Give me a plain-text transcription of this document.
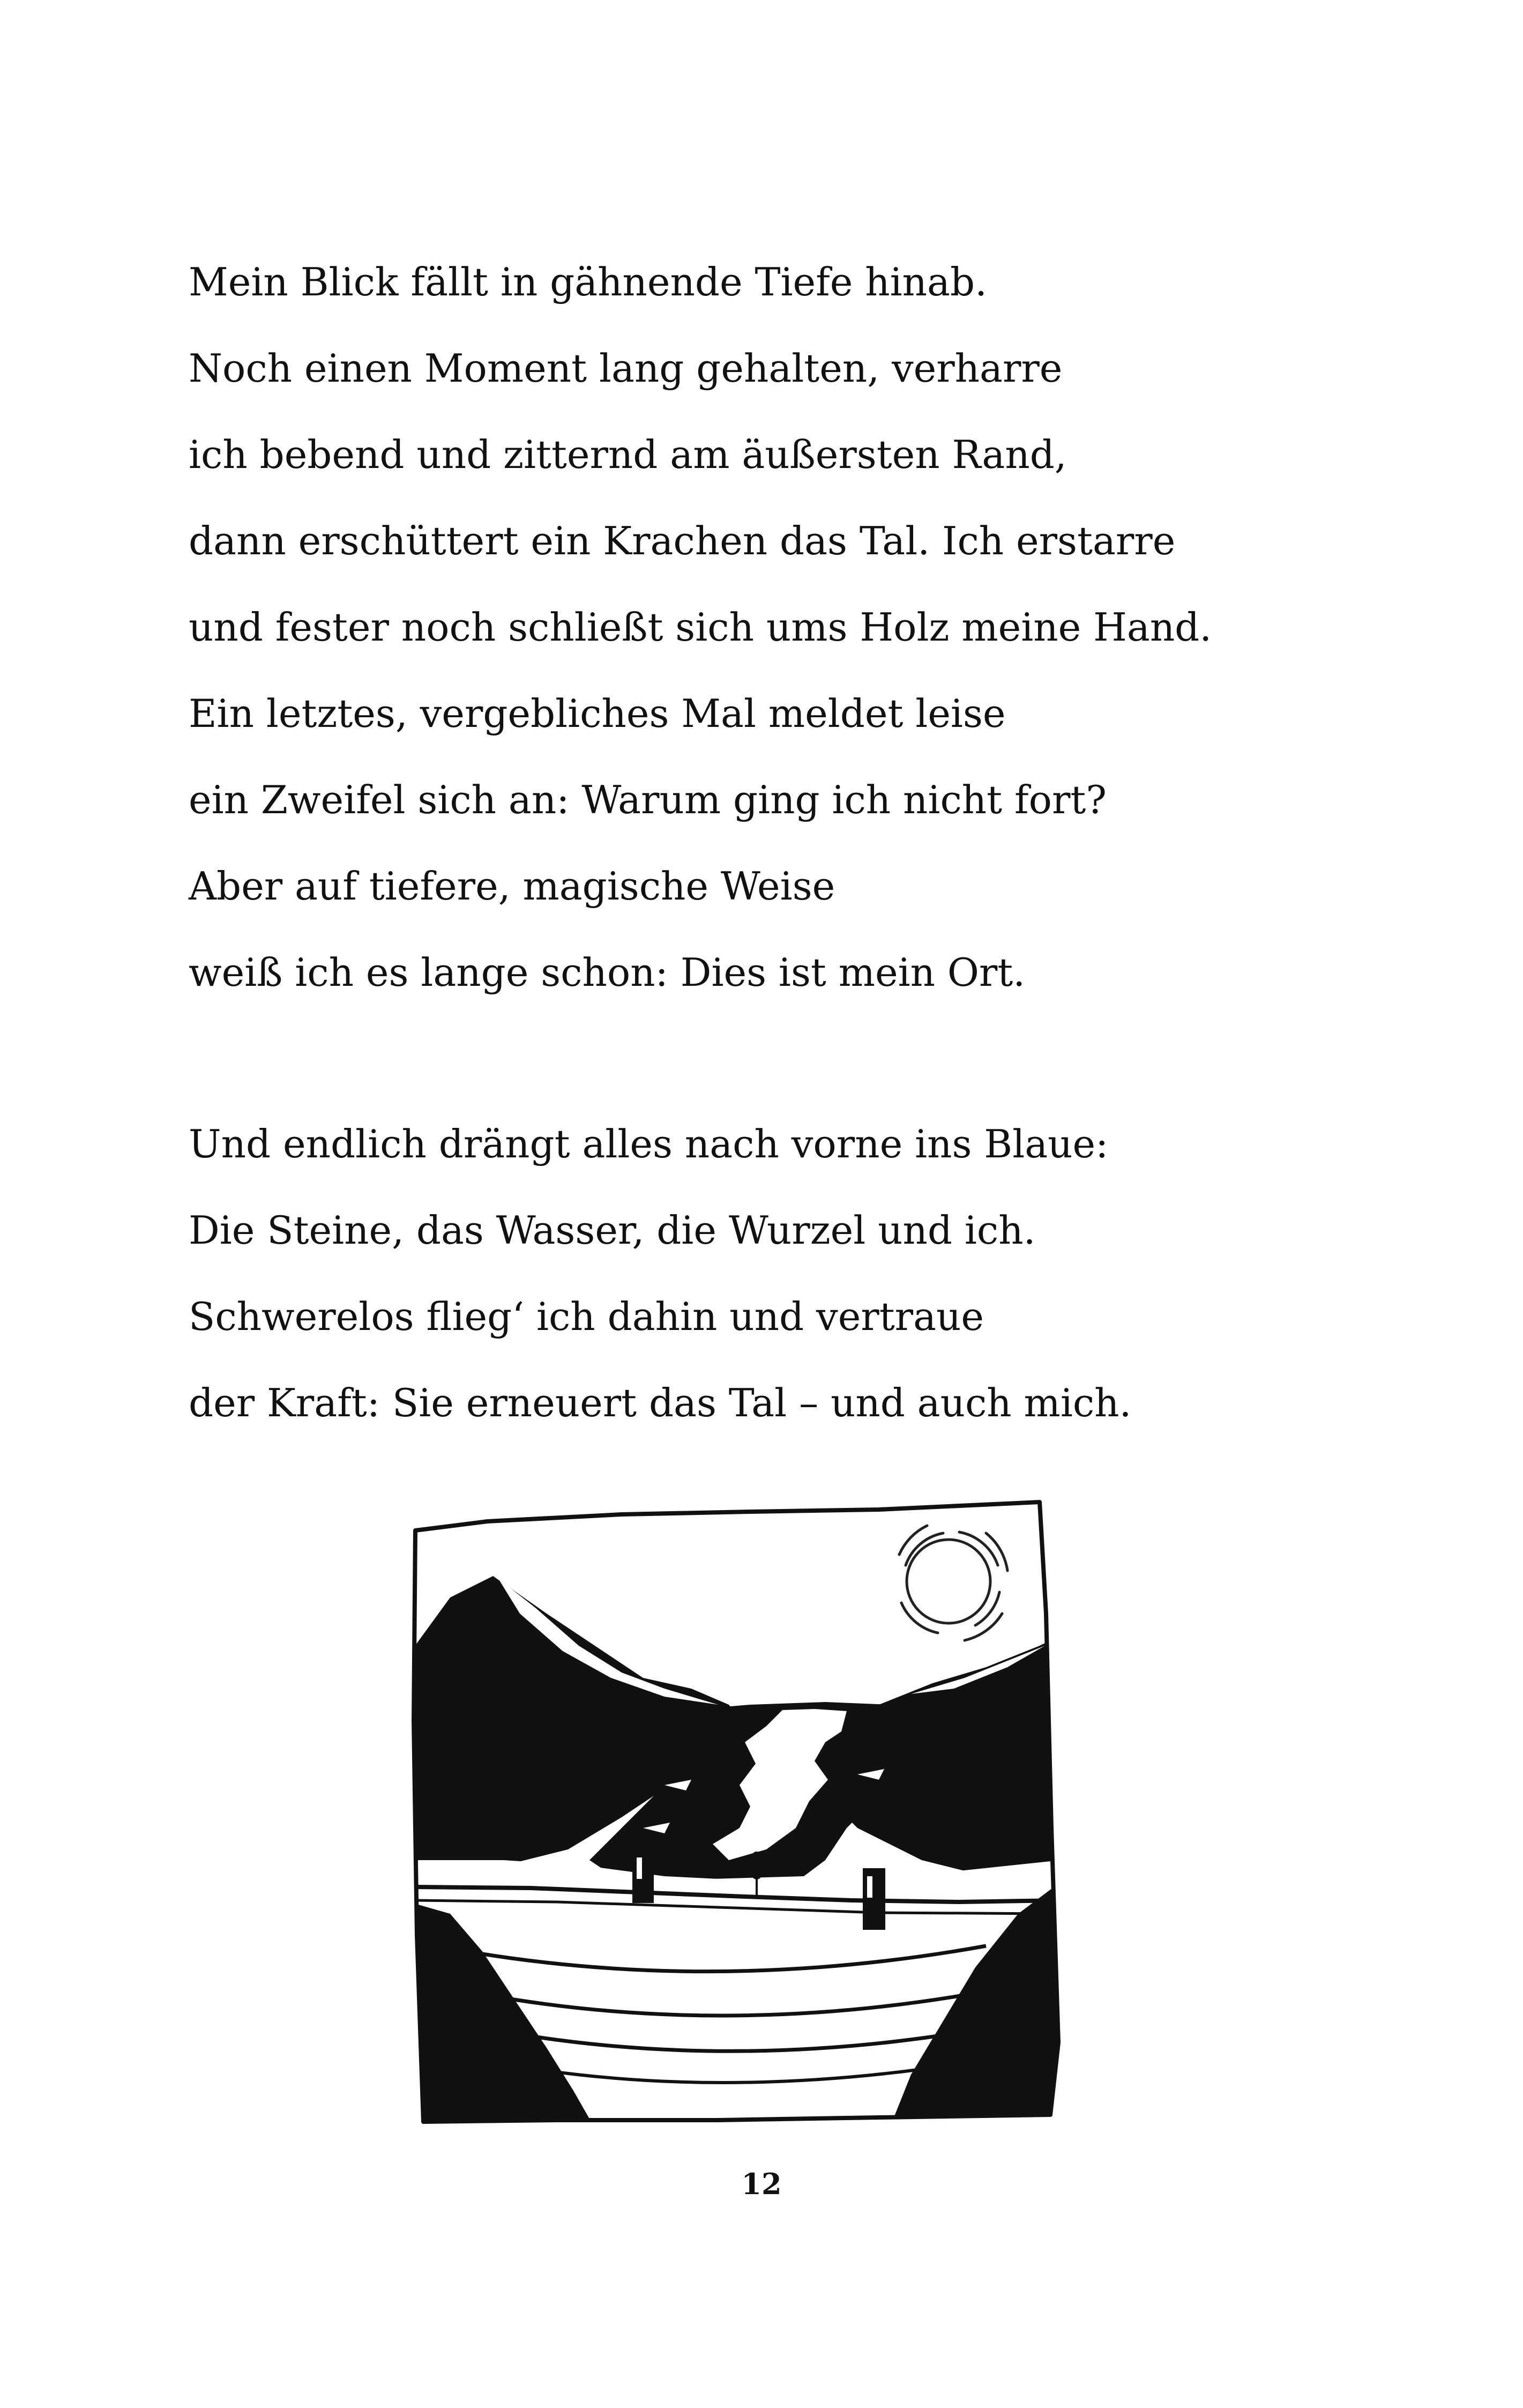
Mein Blick fällt in gähnende Tiefe hinab.
Noch einen Moment lang gehalten, verharre
ich bebend und zitternd am äußersten Rand,
dann erschüttert ein Krachen das Tal. Ich erstarre
und fester noch schließt sich ums Holz meine Hand.
Ein letztes, vergebliches Mal meldet leise
ein Zweifel sich an: Warum ging ich nicht fort?
Aber auf tiefere, magische Weise
weiß ich es lange schon: Dies ist mein Ort.
Und endlich drängt alles nach vorne ins Blaue:
Die Steine, das Wasser, die Wurzel und ich.
Schwerelos flieg‘ ich dahin und vertraue
der Kraft: Sie erneuert das Tal – und auch mich.
12
